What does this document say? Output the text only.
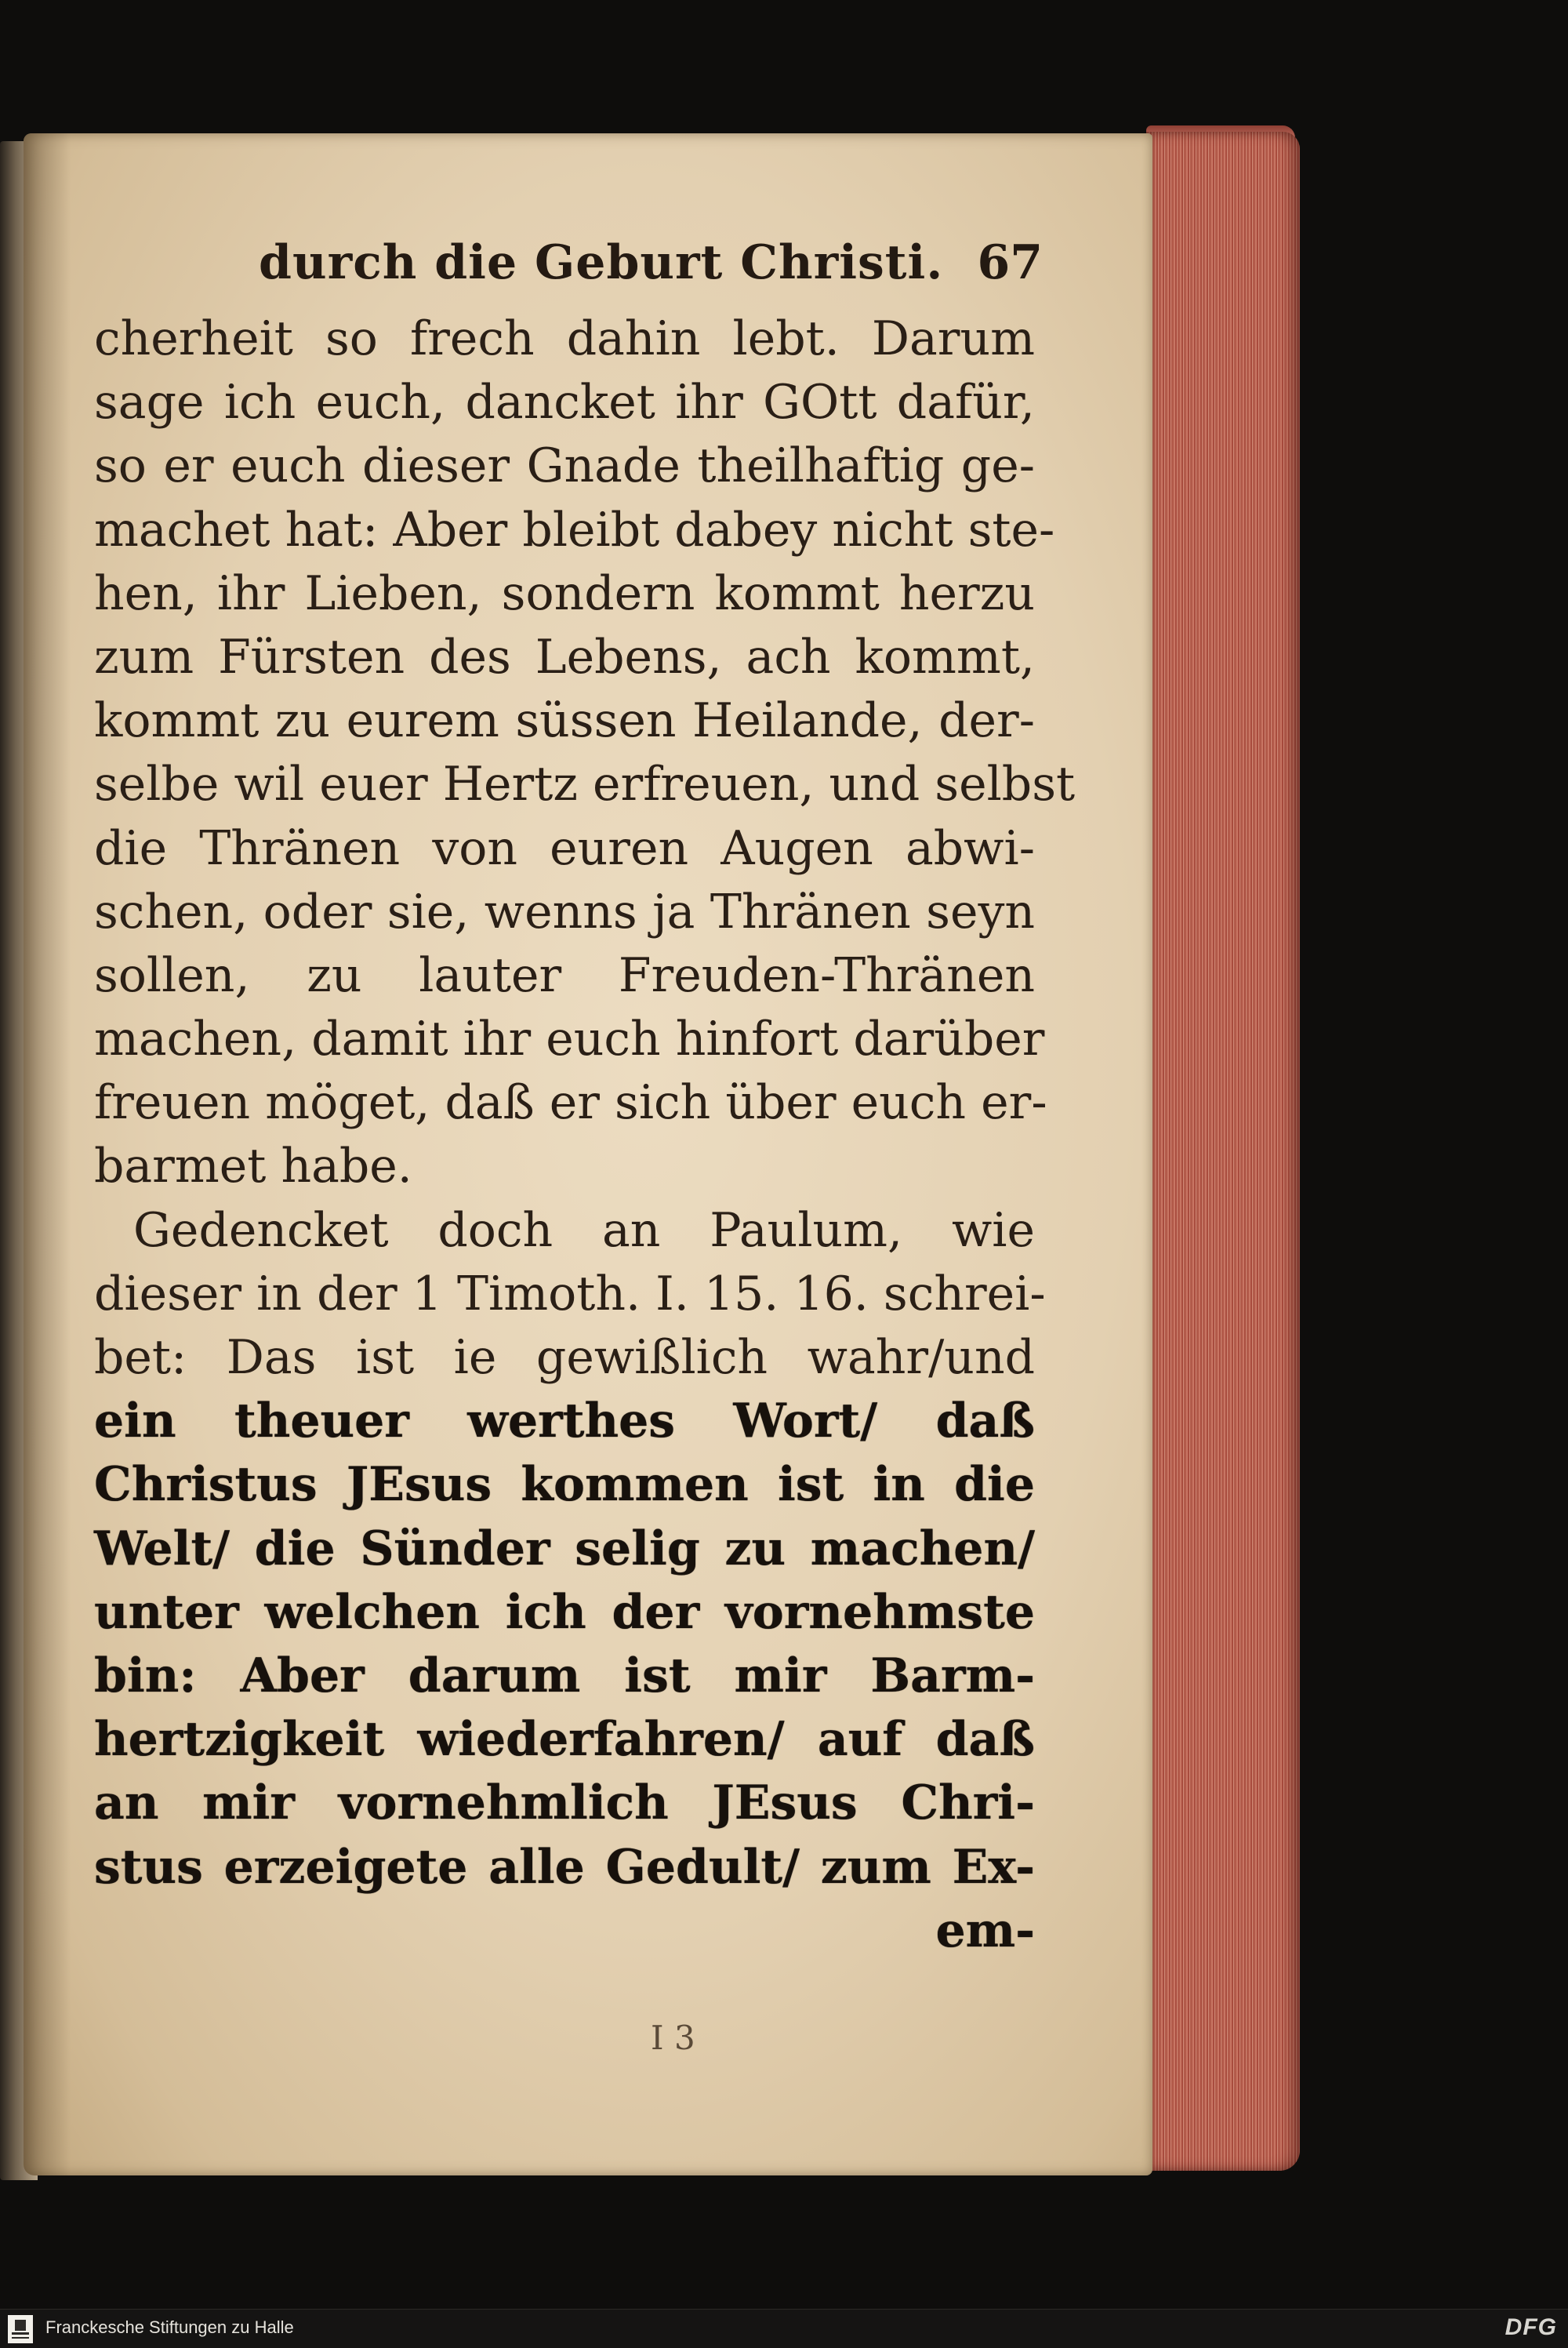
durch die Geburt Christi. 67
cherheit so frech dahin lebt. Darum
sage ich euch, dancket ihr GOtt dafür,
so er euch dieser Gnade theilhaftig ge-
machet hat: Aber bleibt dabey nicht ste-
hen, ihr Lieben, sondern kommt herzu
zum Fürsten des Lebens, ach kommt,
kommt zu eurem süssen Heilande, der-
selbe wil euer Hertz erfreuen, und selbst
die Thränen von euren Augen abwi-
schen, oder sie, wenns ja Thränen seyn
sollen, zu lauter Freuden-Thränen
machen, damit ihr euch hinfort darüber
freuen möget, daß er sich über euch er-
barmet habe.
Gedencket doch an Paulum, wie
dieser in der 1 Timoth. I. 15. 16. schrei-
bet: Das ist ie gewißlich wahr/und
ein theuer werthes Wort/ daß
Christus JEsus kommen ist in die
Welt/ die Sünder selig zu machen/
unter welchen ich der vornehmste
bin: Aber darum ist mir Barm-
hertzigkeit wiederfahren/ auf daß
an mir vornehmlich JEsus Chri-
stus erzeigete alle Gedult/ zum Ex-
em-
I 3
Franckesche Stiftungen zu Halle	DFG
